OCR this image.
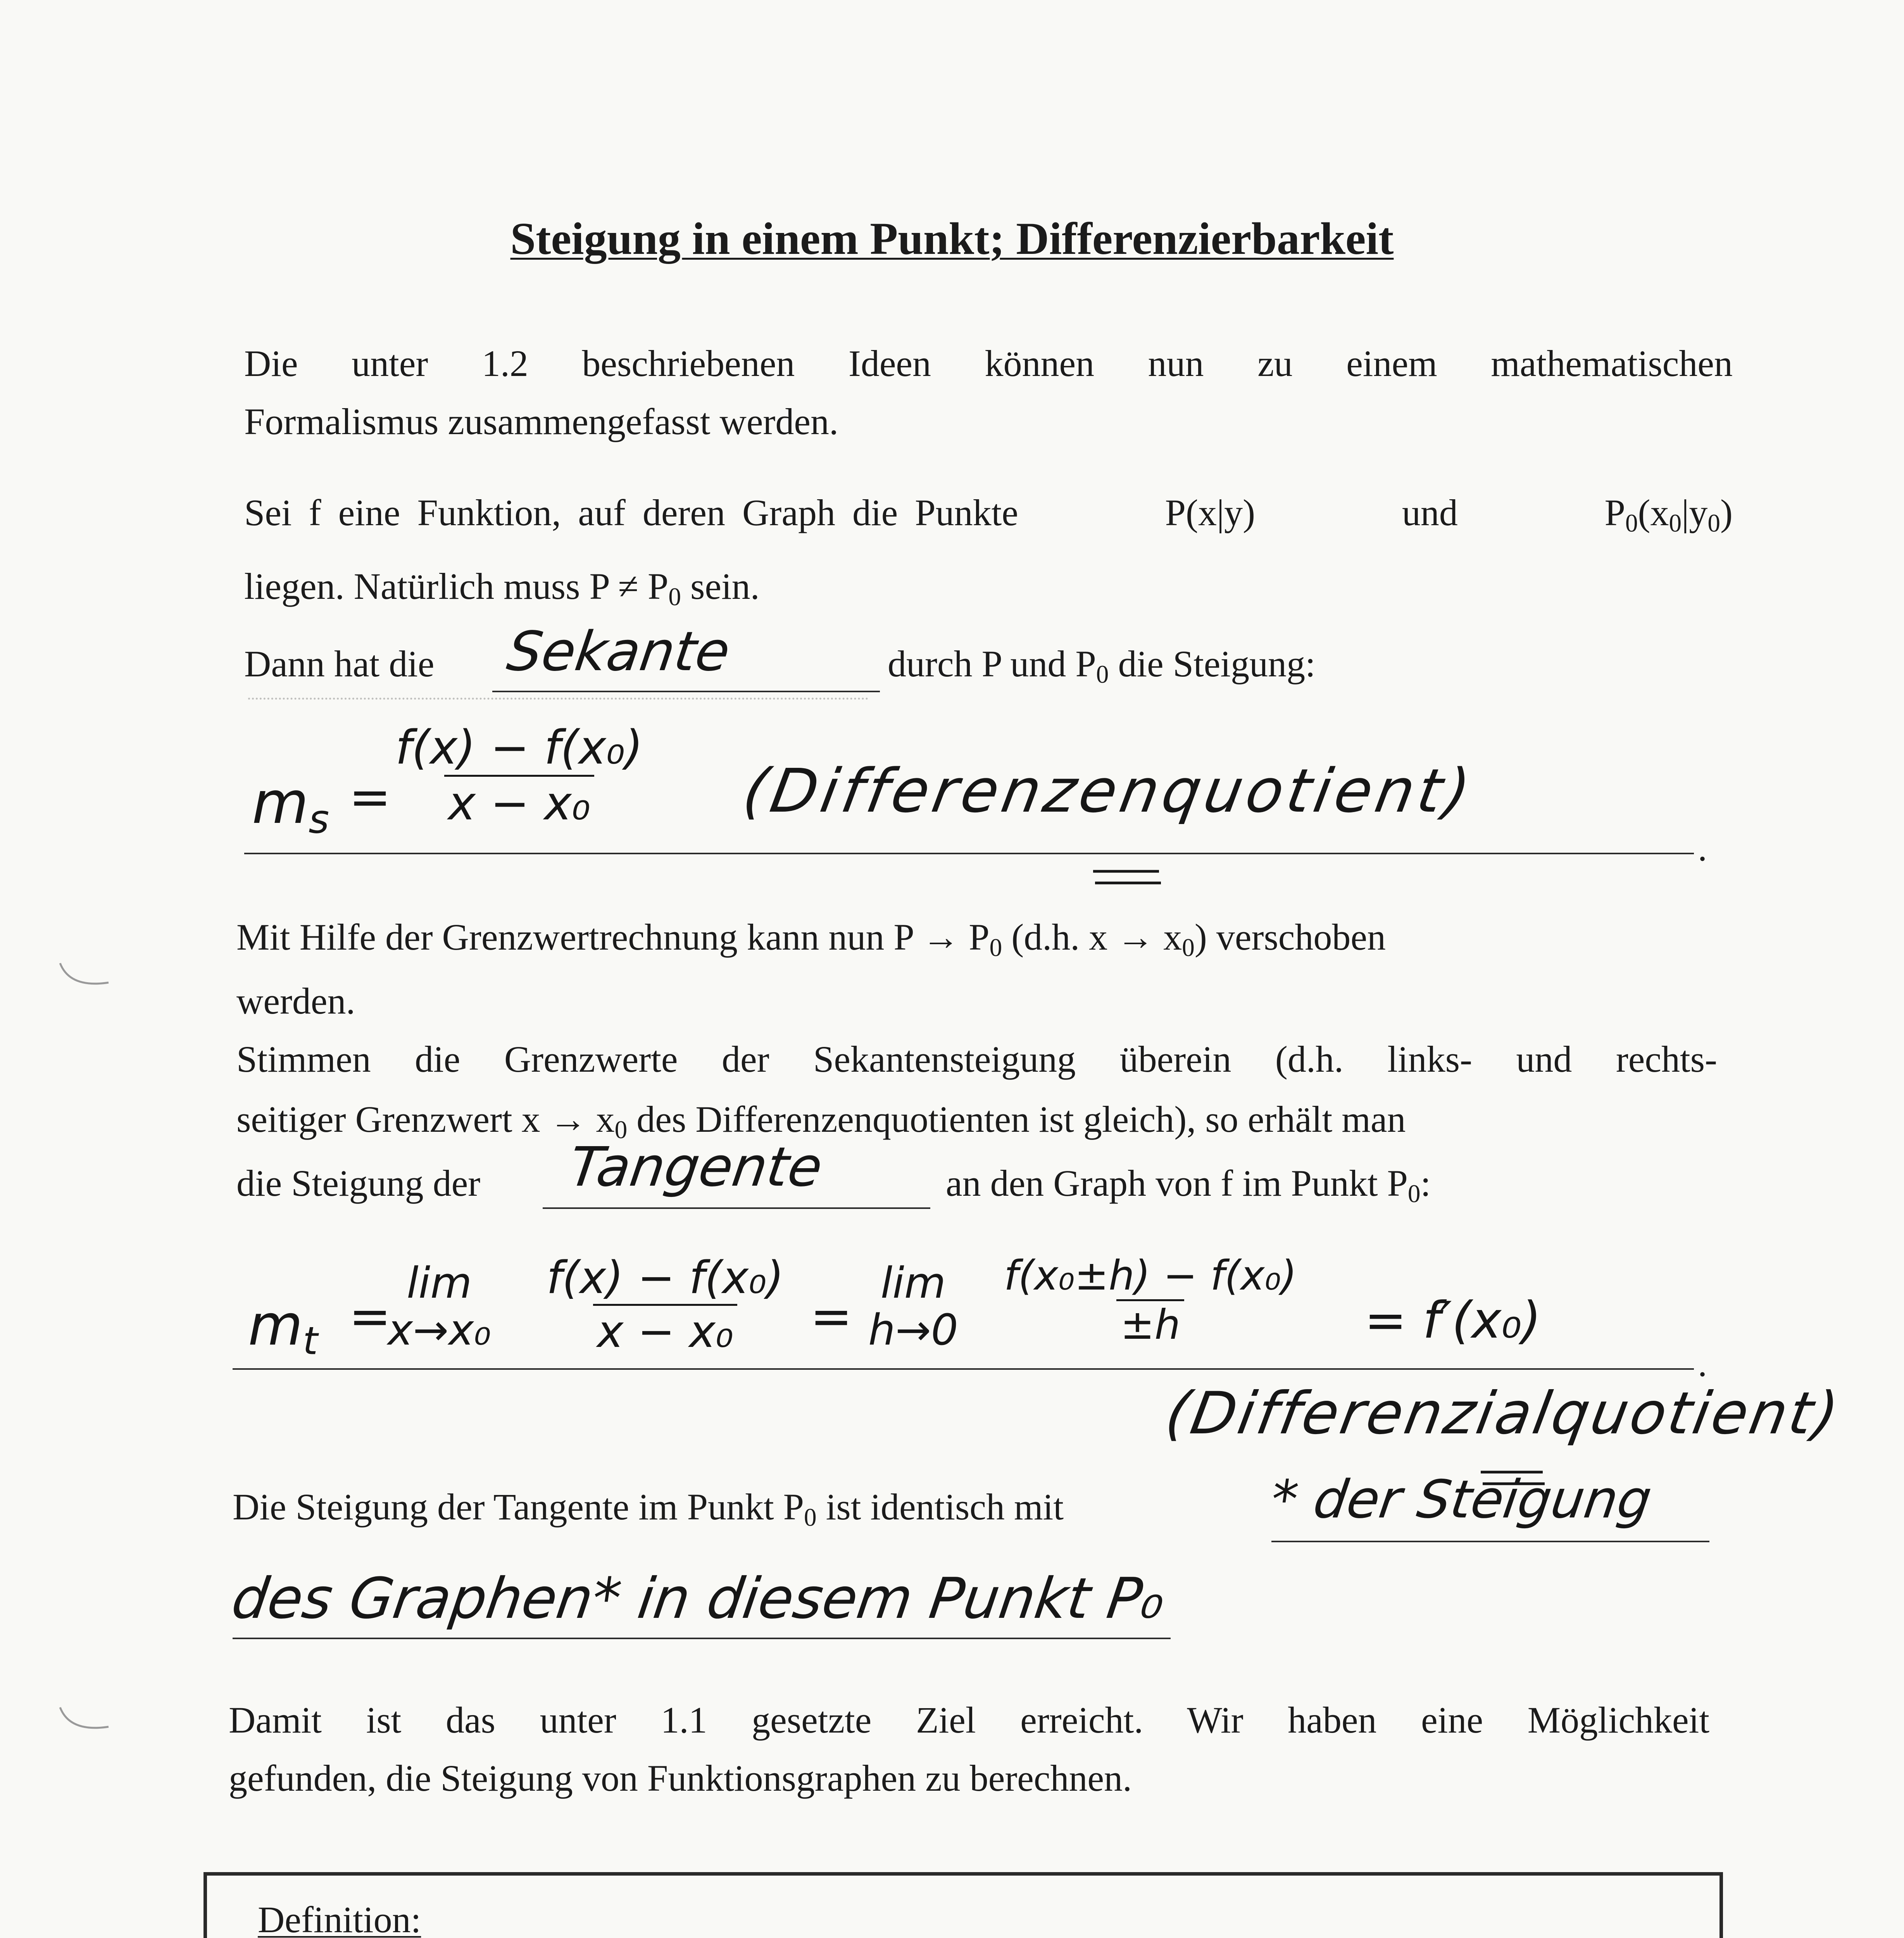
Steigung in einem Punkt; Differenzierbarkeit
Die unter 1.2 beschriebenen Ideen können nun zu einem mathematischen
Formalismus zusammengefasst werden.
Sei f eine Funktion, auf deren Graph die Punkte	P(x|y)	und	$P_0(x_0|y_0)$
liegen. Natürlich muss $P \ne P_0$ sein.
Dann hat die Sekante	durch P und $P_0$ die Steigung:
$m_s = \frac{\text{f(x) − f(x₀)}}{\text{x − x₀}}$ (Differenzenquotient)
.
Mit Hilfe der Grenzwertrechnung kann nun $P \to P_0$ (d.h. $x \to x_0$) verschoben
werden.
Stimmen die Grenzwerte der Sekantensteigung überein (d.h. links- und rechts-
seitiger Grenzwert $x \to x_0$ des Differenzenquotienten ist gleich), so erhält man
die Steigung der Tangente	an den Graph von f im Punkt $P_0$:
$m_t$ =
lim
$x\to x_0 \frac{\text{f(x) − f(x₀)}}{\text{x − x₀}}$ =
lim
$h\to 0 \frac{\text{f(x₀±h) − f(x₀)}}{\pm h} = f'(x_0)$
.
(Differenzialquotient)
Die Steigung der Tangente im Punkt $P_0$ ist identisch mit	* der Steigung
des Graphen* in diesem Punkt P₀
Damit ist das unter 1.1 gesetzte Ziel erreicht. Wir haben eine Möglichkeit
gefunden, die Steigung von Funktionsgraphen zu berechnen.
Definition:
